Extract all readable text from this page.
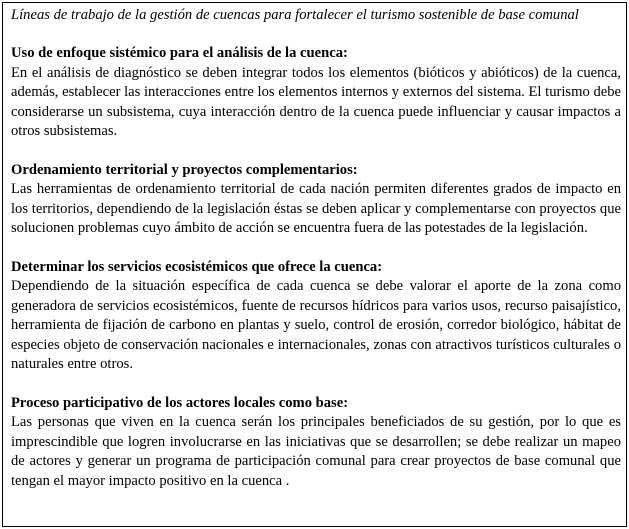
Líneas de trabajo de la gestión de cuencas para fortalecer el turismo sostenible de base comunal

Uso de enfoque sistémico para el análisis de la cuenca:

En el análisis de diagnóstico se deben integrar todos los elementos (bióticos y abióticos) de la cuenca, además, establecer las interacciones entre los elementos internos y externos del sistema. El turismo debe considerarse un subsistema, cuya interacción dentro de la cuenca puede influenciar y causar impactos a otros subsistemas.

Ordenamiento territorial y proyectos complementarios:

Las herramientas de ordenamiento territorial de cada nación permiten diferentes grados de impacto en los territorios, dependiendo de la legislación éstas se deben aplicar y complementarse con proyectos que solucionen problemas cuyo ámbito de acción se encuentra fuera de las potestades de la legislación.

Determinar los servicios ecosistémicos que ofrece la cuenca:

Dependiendo de la situación específica de cada cuenca se debe valorar el aporte de la zona como generadora de servicios ecosistémicos, fuente de recursos hídricos para varios usos, recurso paisajístico, herramienta de fijación de carbono en plantas y suelo, control de erosión, corredor biológico, hábitat de especies objeto de conservación nacionales e internacionales, zonas con atractivos turísticos culturales o naturales entre otros.

Proceso participativo de los actores locales como base:

Las personas que viven en la cuenca serán los principales beneficiados de su gestión, por lo que es imprescindible que logren involucrarse en las iniciativas que se desarrollen; se debe realizar un mapeo de actores y generar un programa de participación comunal para crear proyectos de base comunal que tengan el mayor impacto positivo en la cuenca .
